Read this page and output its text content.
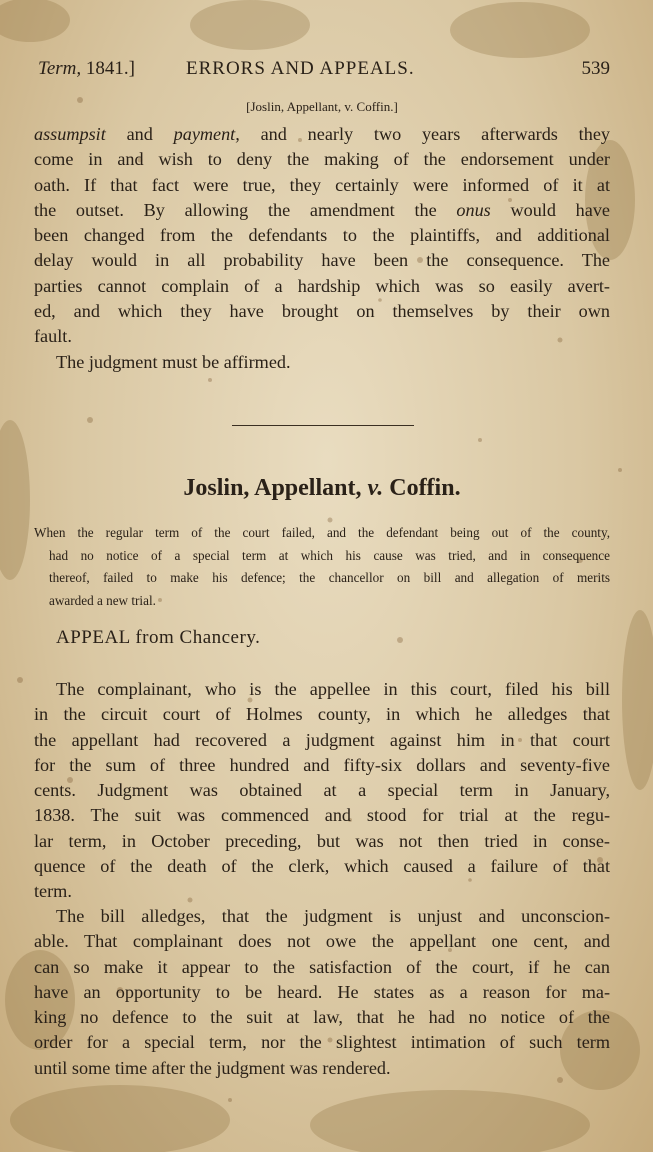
Term, 1841.]	ERRORS AND APPEALS.	539
[Joslin, Appellant, v. Coffin.]
assumpsit and payment, and nearly two years afterwards they
come in and wish to deny the making of the endorsement under
oath. If that fact were true, they certainly were informed of it at
the outset. By allowing the amendment the onus would have
been changed from the defendants to the plaintiffs, and additional
delay would in all probability have been the consequence. The
parties cannot complain of a hardship which was so easily avert-
ed, and which they have brought on themselves by their own
fault.
The judgment must be affirmed.
Joslin, Appellant, v. Coffin.
When the regular term of the court failed, and the defendant being out of the county,
had no notice of a special term at which his cause was tried, and in consequence
thereof, failed to make his defence; the chancellor on bill and allegation of merits
awarded a new trial.
APPEAL from Chancery.
The complainant, who is the appellee in this court, filed his bill
in the circuit court of Holmes county, in which he alledges that
the appellant had recovered a judgment against him in that court
for the sum of three hundred and fifty-six dollars and seventy-five
cents. Judgment was obtained at a special term in January,
1838. The suit was commenced and stood for trial at the regu-
lar term, in October preceding, but was not then tried in conse-
quence of the death of the clerk, which caused a failure of that
term.
The bill alledges, that the judgment is unjust and unconscion-
able. That complainant does not owe the appellant one cent, and
can so make it appear to the satisfaction of the court, if he can
have an opportunity to be heard. He states as a reason for ma-
king no defence to the suit at law, that he had no notice of the
order for a special term, nor the slightest intimation of such term
until some time after the judgment was rendered.
